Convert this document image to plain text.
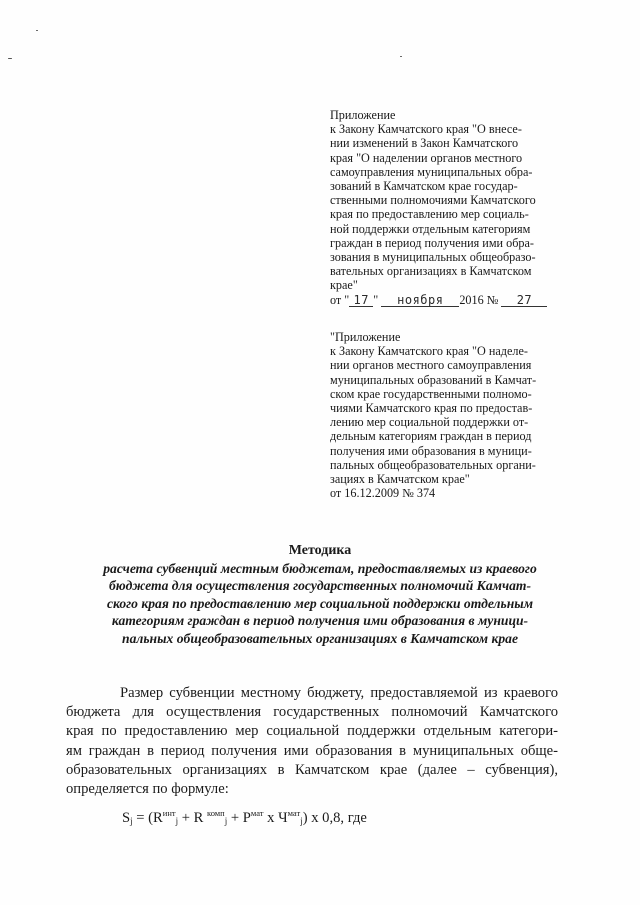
Приложение
к Закону Камчатского края "О внесе-
нии изменений в Закон Камчатского
края "О наделении органов местного
самоуправления муниципальных обра-
зований в Камчатском крае государ-
ственными полномочиями Камчатского
края по предоставлению мер социаль-
ной поддержки отдельным категориям
граждан в период получения ими обра-
зования в муниципальных общеобразо-
вательных организациях в Камчатском
крае"
от " 17 " ноября 2016 № 27
"Приложение
к Закону Камчатского края "О наделе-
нии органов местного самоуправления
муниципальных образований в Камчат-
ском крае государственными полномо-
чиями Камчатского края по предостав-
лению мер социальной поддержки от-
дельным категориям граждан в период
получения ими образования в муници-
пальных общеобразовательных органи-
зациях в Камчатском крае"
от 16.12.2009 № 374
Методика
расчета субвенций местным бюджетам, предоставляемых из краевого
бюджета для осуществления государственных полномочий Камчат-
ского края по предоставлению мер социальной поддержки отдельным
категориям граждан в период получения ими образования в муници-
пальных общеобразовательных организациях в Камчатском крае
Размер субвенции местному бюджету, предоставляемой из краевого
бюджета для осуществления государственных полномочий Камчатского
края по предоставлению мер социальной поддержки отдельным категори-
ям граждан в период получения ими образования в муниципальных обще-
образовательных организациях в Камчатском крае (далее – субвенция),
определяется по формуле:
$S_j = (R^{инт}_j + R$ $^{комп}_j + P^{мат}$ x $Ч^{мат}_j$) x 0,8, где
